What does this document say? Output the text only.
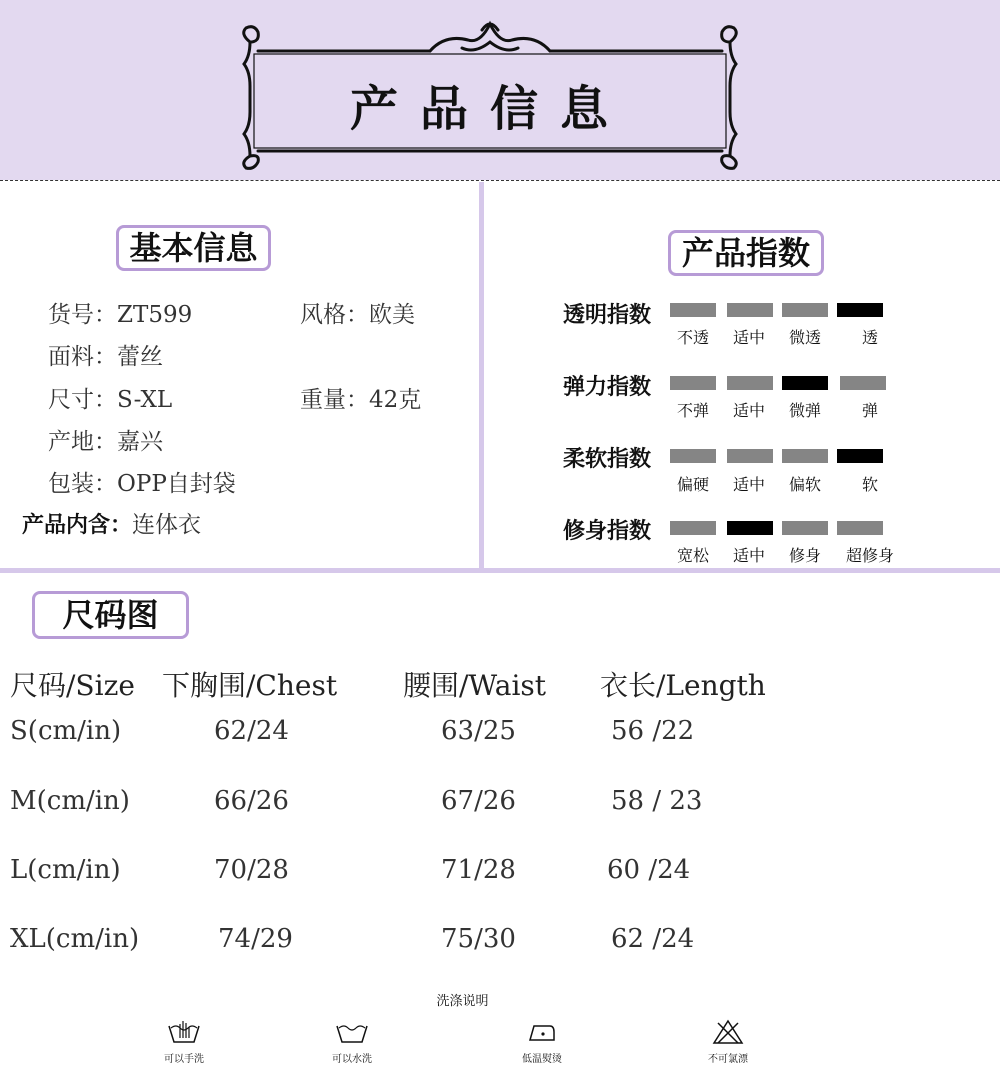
产品信息
基本信息
货号：ZT599	风格：欧美
面料：蕾丝
尺寸：S-XL	重量：42克
产地：嘉兴
包装：OPP自封袋
产品内含：连体衣
产品指数
透明指数
不透	适中	微透	透
弹力指数
不弹	适中	微弹	弹
柔软指数
偏硬	适中	偏软	软
修身指数
宽松	适中	修身	超修身
尺码图
尺码/Size 下胸围/Chest 腰围/Waist 衣长/Length
S(cm/in)	62/24	63/25	56 /22
M(cm/in)	66/26	67/26	58 / 23
L(cm/in)	70/28	71/28	60 /24
XL(cm/in)	74/29	75/30	62 /24
洗涤说明
可以手洗	可以水洗	低温熨烫	不可氯漂
